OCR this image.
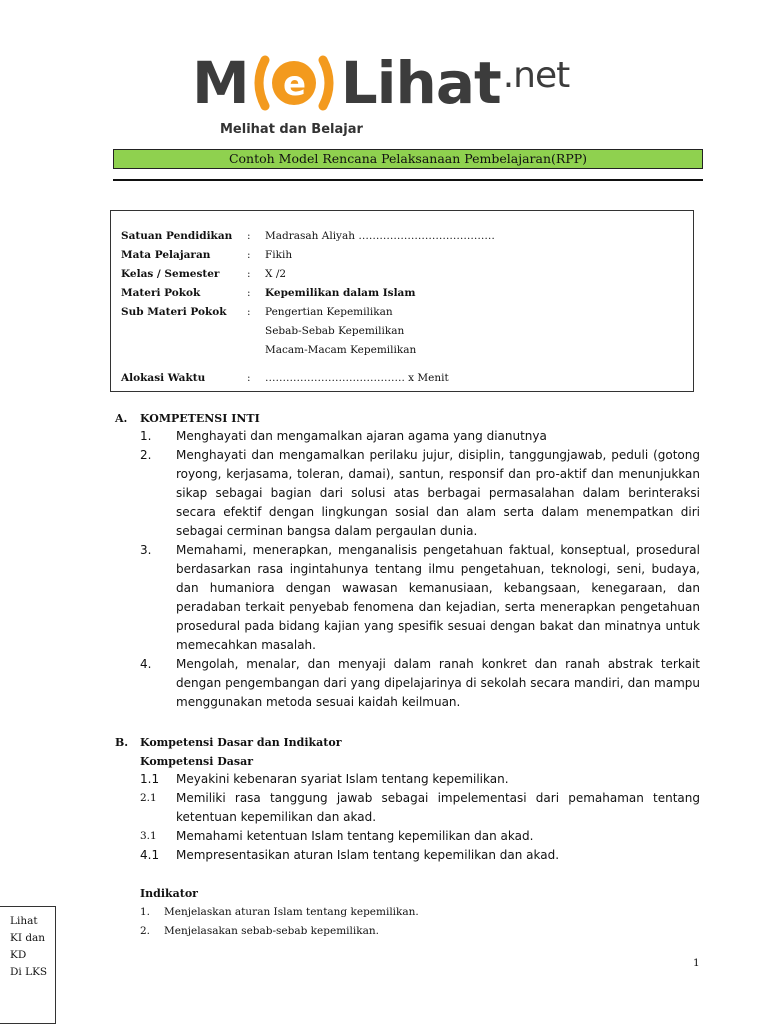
M e Lihat .net
Melihat dan Belajar
Contoh Model Rencana Pelaksanaan Pembelajaran(RPP)
Satuan Pendidikan	: Madrasah Aliyah …………………………………
Mata Pelajaran	: Fikih
Kelas / Semester	: X /2
Materi Pokok	: Kepemilikan dalam Islam
Sub Materi Pokok	: Pengertian Kepemilikan
Sebab-Sebab Kepemilikan
Macam-Macam Kepemilikan
Alokasi Waktu	: …………………………………. x Menit
A. KOMPETENSI INTI
1. Menghayati dan mengamalkan ajaran agama yang dianutnya
2. Menghayati dan mengamalkan perilaku jujur, disiplin, tanggungjawab, peduli (gotong royong, kerjasama, toleran, damai), santun, responsif dan pro-aktif dan menunjukkan sikap sebagai bagian dari solusi atas berbagai permasalahan dalam berinteraksi secara efektif dengan lingkungan sosial dan alam serta dalam menempatkan diri sebagai cerminan bangsa dalam pergaulan dunia.
3. Memahami, menerapkan, menganalisis pengetahuan faktual, konseptual, prosedural berdasarkan rasa ingintahunya tentang ilmu pengetahuan, teknologi, seni, budaya, dan humaniora dengan wawasan kemanusiaan, kebangsaan, kenegaraan, dan peradaban terkait penyebab fenomena dan kejadian, serta menerapkan pengetahuan prosedural pada bidang kajian yang spesifik sesuai dengan bakat dan minatnya untuk memecahkan masalah.
4. Mengolah, menalar, dan menyaji dalam ranah konkret dan ranah abstrak terkait dengan pengembangan dari yang dipelajarinya di sekolah secara mandiri, dan mampu menggunakan metoda sesuai kaidah keilmuan.
B. Kompetensi Dasar dan Indikator
Kompetensi Dasar
1.1 Meyakini kebenaran syariat Islam tentang kepemilikan.
2.1 Memiliki rasa tanggung jawab sebagai impelementasi dari pemahaman tentang ketentuan kepemilikan dan akad.
3.1 Memahami ketentuan Islam tentang kepemilikan dan akad.
4.1 Mempresentasikan aturan Islam tentang kepemilikan dan akad.
Indikator
1. Menjelaskan aturan Islam tentang kepemilikan.
2. Menjelasakan sebab-sebab kepemilikan.
Lihat
KI dan
KD
Di LKS
1
